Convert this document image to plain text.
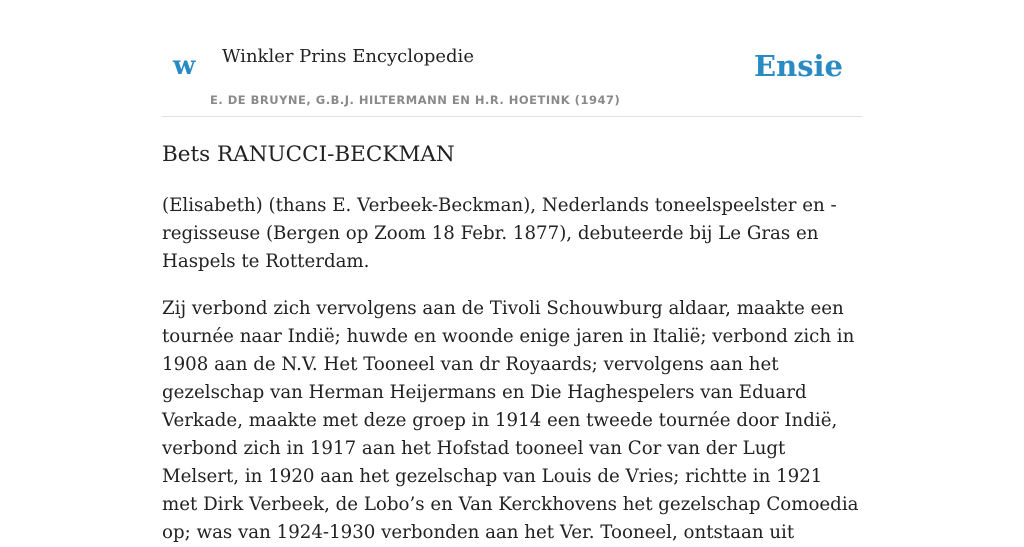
w Winkler Prins Encyclopedie
E. DE BRUYNE, G.B.J. HILTERMANN EN H.R. HOETINK (1947)
Ensie
Bets RANUCCI-BECKMAN

(Elisabeth) (thans E. Verbeek-Beckman), Nederlands toneelspeelster en -regisseuse (Bergen op Zoom 18 Febr. 1877), debuteerde bij Le Gras en Haspels te Rotterdam.

Zij verbond zich vervolgens aan de Tivoli Schouwburg aldaar, maakte een tournée naar Indië; huwde en woonde enige jaren in Italië; verbond zich in 1908 aan de N.V. Het Tooneel van dr Royaards; vervolgens aan het gezelschap van Herman Heijermans en Die Haghespelers van Eduard Verkade, maakte met deze groep in 1914 een tweede tournée door Indië, verbond zich in 1917 aan het Hofstad tooneel van Cor van der Lugt Melsert, in 1920 aan het gezelschap van Louis de Vries; richtte in 1921 met Dirk Verbeek, de Lobo’s en Van Kerckhovens het gezelschap Comoedia op; was van 1924-1930 verbonden aan het Ver. Tooneel, ontstaan uit
